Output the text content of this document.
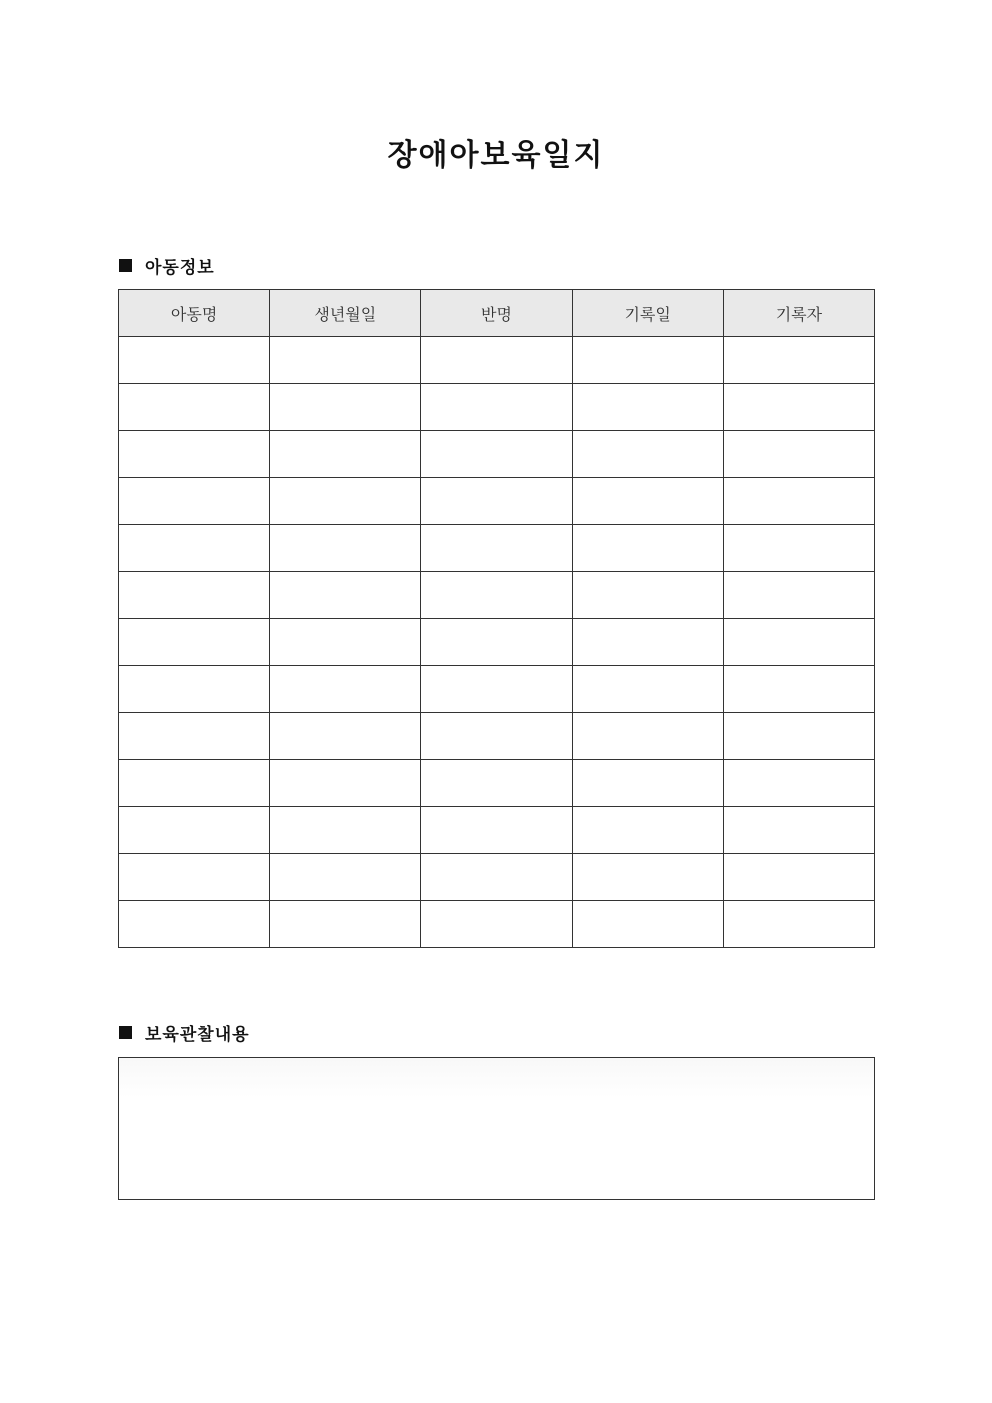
장애아보육일지
아동정보
아동명	생년월일	반명	기록일	기록자

보육관찰내용
